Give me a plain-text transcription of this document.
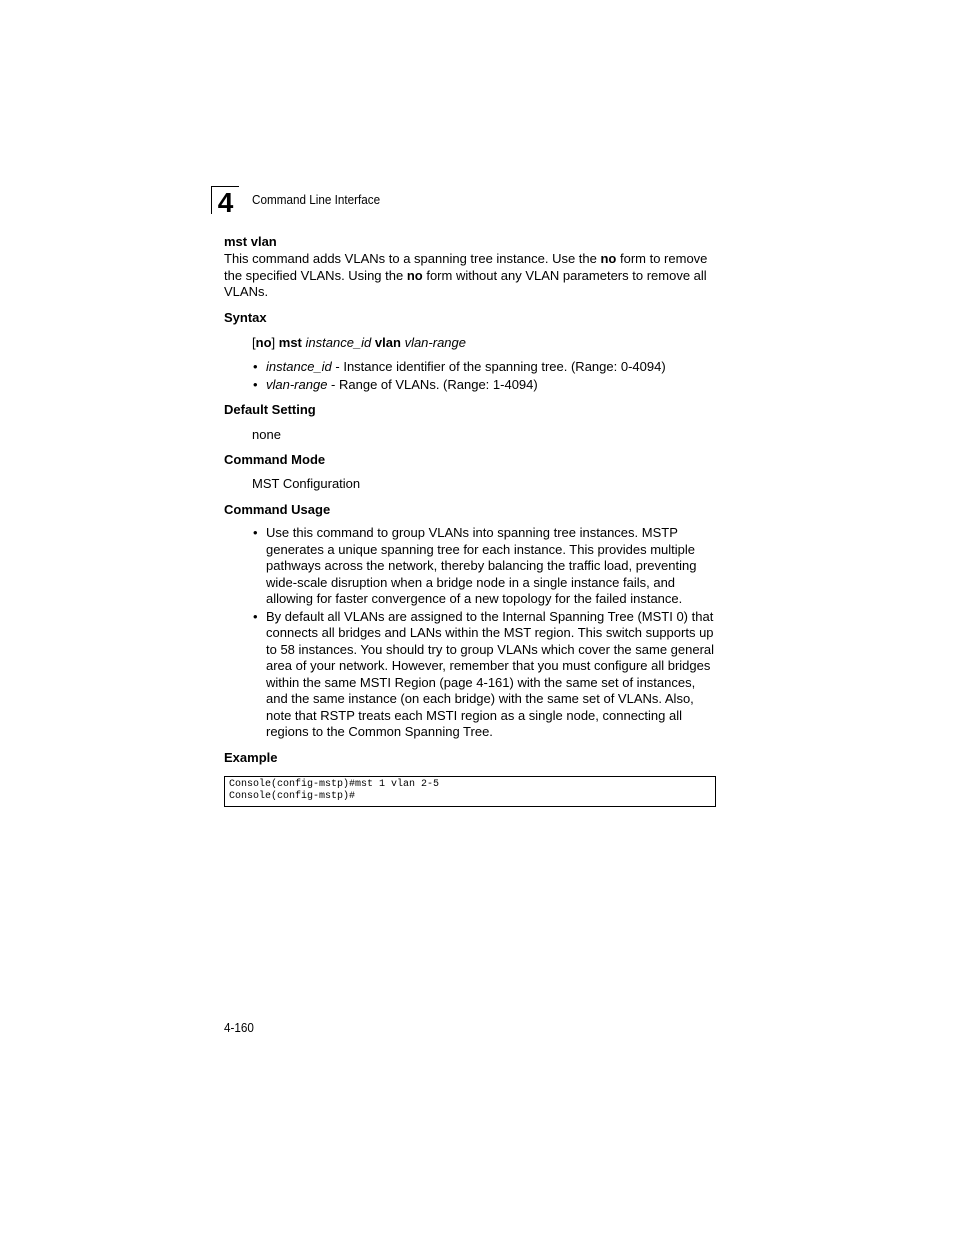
4	Command Line Interface
mst vlan
This command adds VLANs to a spanning tree instance. Use the no form to remove the specified VLANs. Using the no form without any VLAN parameters to remove all VLANs.
Syntax
[no] mst instance_id vlan vlan-range
• instance_id - Instance identifier of the spanning tree. (Range: 0-4094)
• vlan-range - Range of VLANs. (Range: 1-4094)
Default Setting
none
Command Mode
MST Configuration
Command Usage
• Use this command to group VLANs into spanning tree instances. MSTP generates a unique spanning tree for each instance. This provides multiple pathways across the network, thereby balancing the traffic load, preventing wide-scale disruption when a bridge node in a single instance fails, and allowing for faster convergence of a new topology for the failed instance.
• By default all VLANs are assigned to the Internal Spanning Tree (MSTI 0) that connects all bridges and LANs within the MST region. This switch supports up to 58 instances. You should try to group VLANs which cover the same general area of your network. However, remember that you must configure all bridges within the same MSTI Region (page 4-161) with the same set of instances, and the same instance (on each bridge) with the same set of VLANs. Also, note that RSTP treats each MSTI region as a single node, connecting all regions to the Common Spanning Tree.
Example
Console(config-mstp)#mst 1 vlan 2-5
Console(config-mstp)#
4-160
